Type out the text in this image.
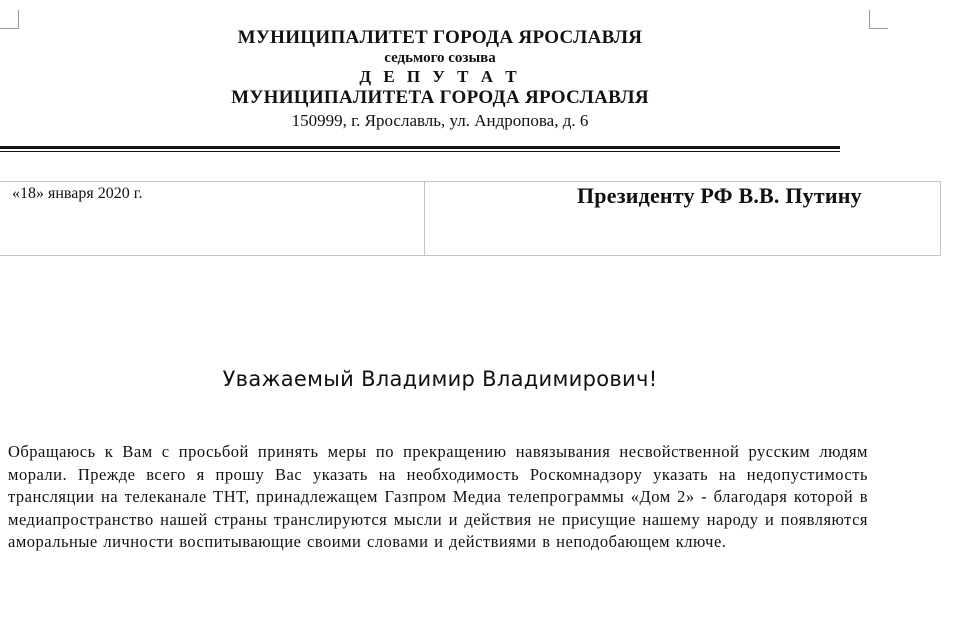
МУНИЦИПАЛИТЕТ ГОРОДА ЯРОСЛАВЛЯ
седьмого созыва
Д Е П У Т А Т
МУНИЦИПАЛИТЕТА ГОРОДА ЯРОСЛАВЛЯ
150999, г. Ярославль, ул. Андропова, д. 6
«18» января 2020 г.	Президенту РФ В.В. Путину
Уважаемый Владимир Владимирович!
Обращаюсь к Вам с просьбой принять меры по прекращению навязывания несвойственной русским людям морали. Прежде всего я прошу Вас указать на необходимость Роскомнадзору указать на недопустимость трансляции на телеканале ТНТ, принадлежащем Газпром Медиа телепрограммы «Дом 2» - благодаря которой в медиапространство нашей страны транслируются мысли и действия не присущие нашему народу и появляются аморальные личности воспитывающие своими словами и действиями в неподобающем ключе.
